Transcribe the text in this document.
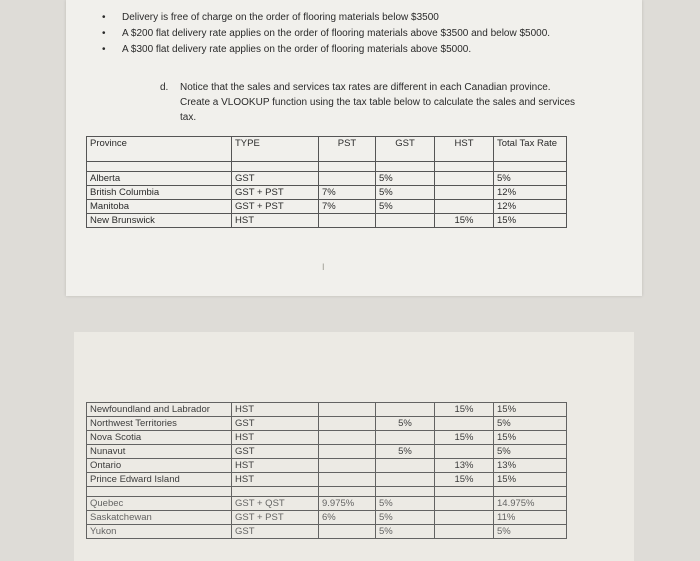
• Delivery is free of charge on the order of flooring materials below $3500
• A $200 flat delivery rate applies on the order of flooring materials above $3500 and below $5000.
• A $300 flat delivery rate applies on the order of flooring materials above $5000.
d.	Notice that the sales and services tax rates are different in each Canadian province. Create a VLOOKUP function using the tax table below to calculate the sales and services tax.
Province	TYPE	PST	GST	HST	Total Tax Rate

Alberta	GST		5%		5%
British Columbia	GST + PST	7%	5%		12%
Manitoba	GST + PST	7%	5%		12%
New Brunswick	HST			15%	15%
I
Newfoundland and Labrador	HST			15%	15%
Northwest Territories	GST		5%		5%
Nova Scotia	HST			15%	15%
Nunavut	GST		5%		5%
Ontario	HST			13%	13%
Prince Edward Island	HST			15%	15%

Quebec	GST + QST	9.975%	5%		14.975%
Saskatchewan	GST + PST	6%	5%		11%
Yukon	GST		5%		5%
